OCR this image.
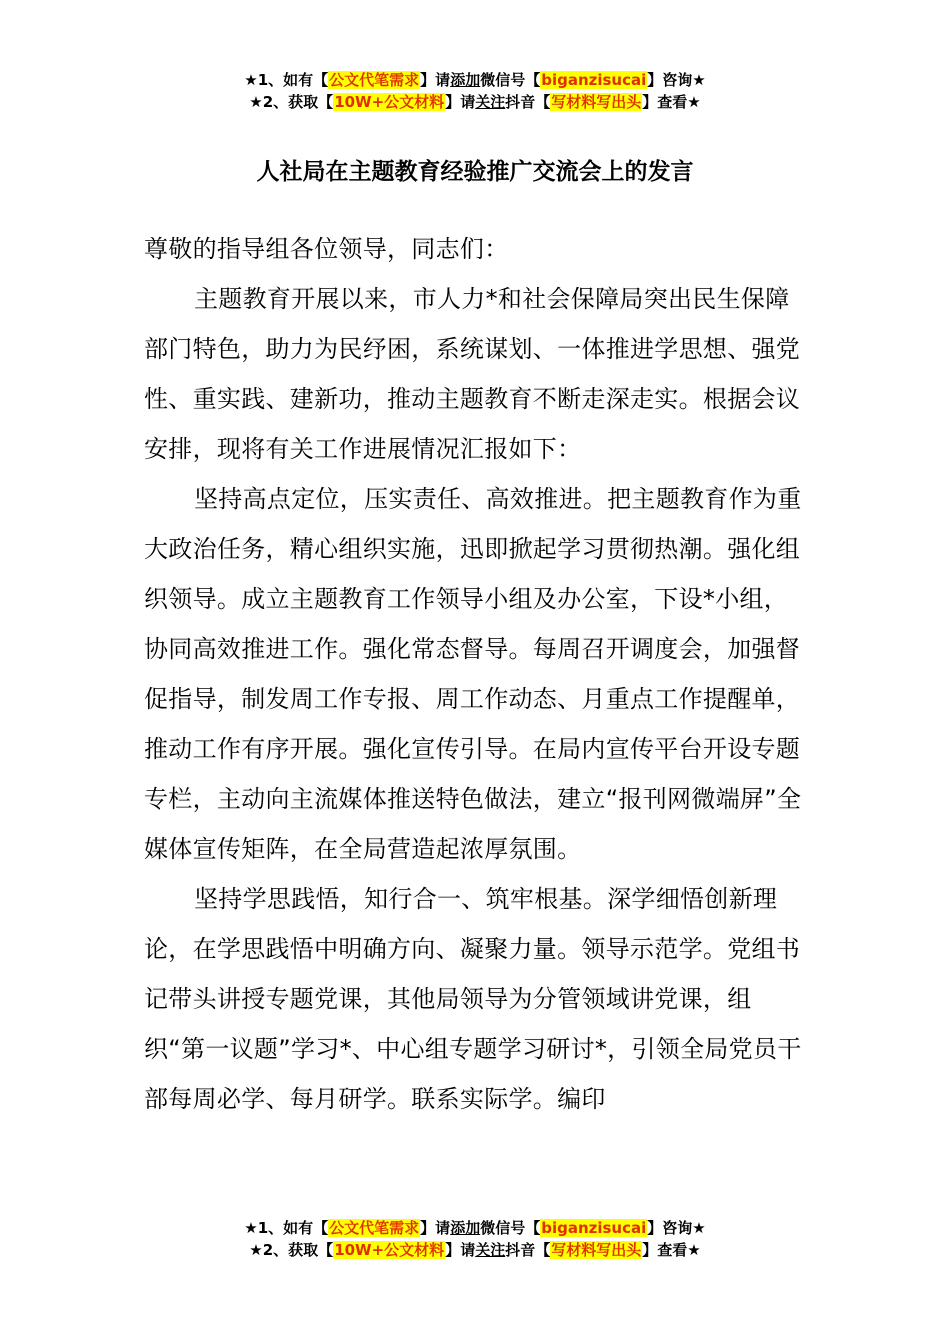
★1、如有【公文代笔需求】请添加微信号【biganzisucai】咨询★
★2、获取【10W+公文材料】请关注抖音【写材料写出头】查看★
人社局在主题教育经验推广交流会上的发言

尊敬的指导组各位领导，同志们：

主题教育开展以来，市人力*和社会保障局突出民生保障部门特色，助力为民纾困，系统谋划、一体推进学思想、强党性、重实践、建新功，推动主题教育不断走深走实。根据会议安排，现将有关工作进展情况汇报如下：

坚持高点定位，压实责任、高效推进。把主题教育作为重大政治任务，精心组织实施，迅即掀起学习贯彻热潮。强化组织领导。成立主题教育工作领导小组及办公室，下设*小组，协同高效推进工作。强化常态督导。每周召开调度会，加强督促指导，制发周工作专报、周工作动态、月重点工作提醒单，推动工作有序开展。强化宣传引导。在局内宣传平台开设专题专栏，主动向主流媒体推送特色做法，建立“报刊网微端屏”全媒体宣传矩阵，在全局营造起浓厚氛围。

坚持学思践悟，知行合一、筑牢根基。深学细悟创新理论，在学思践悟中明确方向、凝聚力量。领导示范学。党组书记带头讲授专题党课，其他局领导为分管领域讲党课，组织“第一议题”学习*、中心组专题学习研讨*，引领全局党员干部每周必学、每月研学。联系实际学。编印

★1、如有【公文代笔需求】请添加微信号【biganzisucai】咨询★
★2、获取【10W+公文材料】请关注抖音【写材料写出头】查看★
